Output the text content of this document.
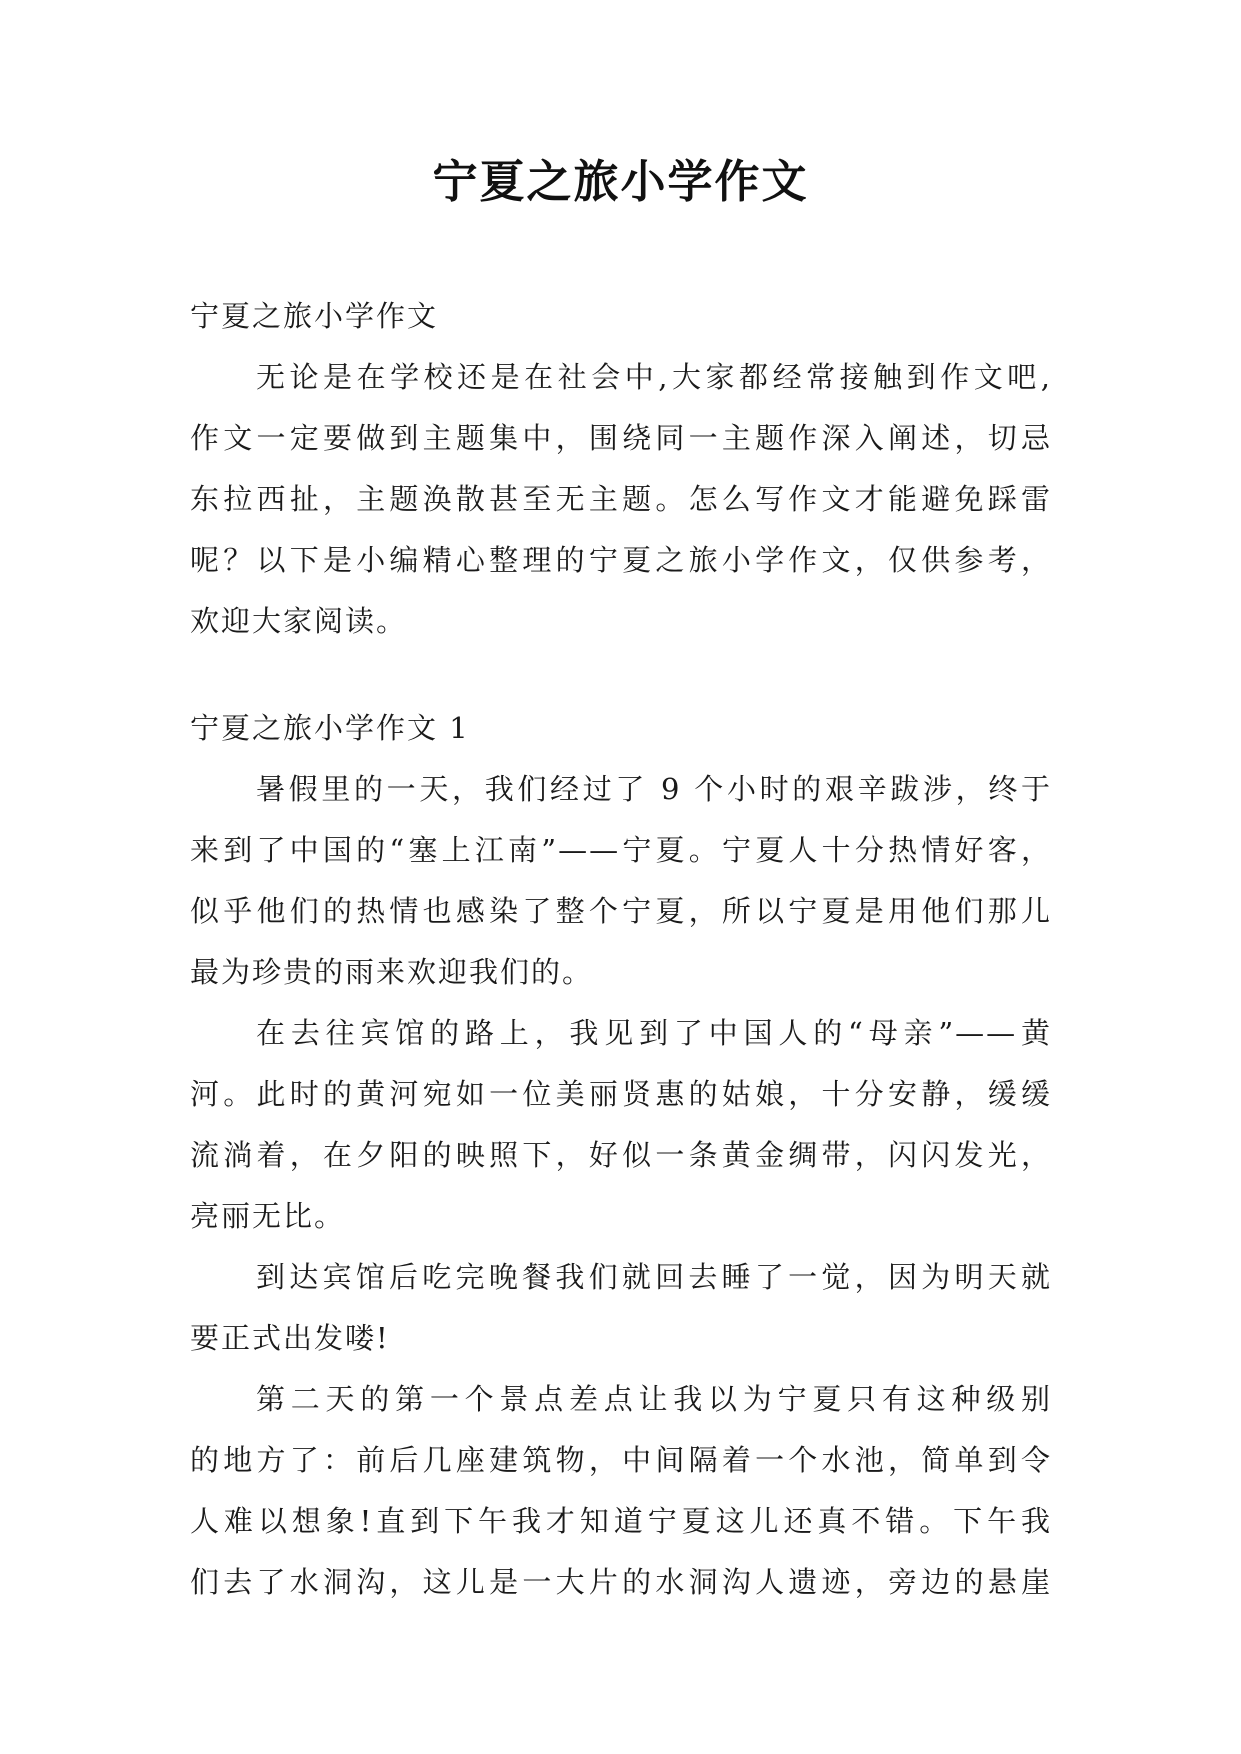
宁夏之旅小学作文
宁夏之旅小学作文
无论是在学校还是在社会中,大家都经常接触到作文吧,
作文一定要做到主题集中，围绕同一主题作深入阐述，切忌
东拉西扯，主题涣散甚至无主题。怎么写作文才能避免踩雷
呢？以下是小编精心整理的宁夏之旅小学作文，仅供参考，
欢迎大家阅读。
宁夏之旅小学作文 1
暑假里的一天，我们经过了 9 个小时的艰辛跋涉，终于
来到了中国的“塞上江南”——宁夏。宁夏人十分热情好客，
似乎他们的热情也感染了整个宁夏，所以宁夏是用他们那儿
最为珍贵的雨来欢迎我们的。
在去往宾馆的路上，我见到了中国人的“母亲”——黄
河。此时的黄河宛如一位美丽贤惠的姑娘，十分安静，缓缓
流淌着，在夕阳的映照下，好似一条黄金绸带，闪闪发光，
亮丽无比。
到达宾馆后吃完晚餐我们就回去睡了一觉，因为明天就
要正式出发喽!
第二天的第一个景点差点让我以为宁夏只有这种级别
的地方了：前后几座建筑物，中间隔着一个水池，简单到令
人难以想象!直到下午我才知道宁夏这儿还真不错。下午我
们去了水洞沟，这儿是一大片的水洞沟人遗迹，旁边的悬崖
